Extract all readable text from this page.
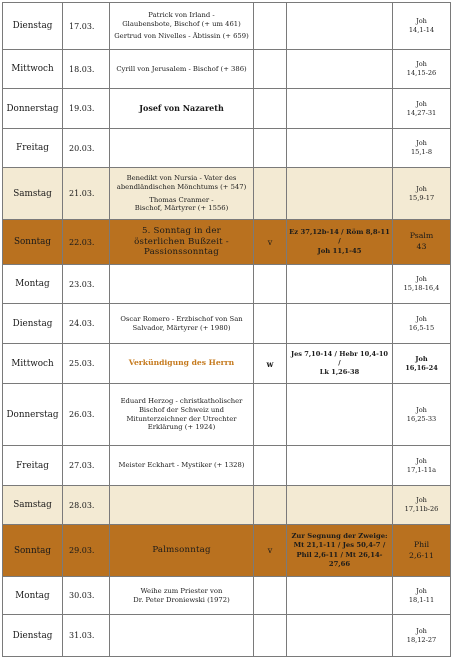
Dienstag	17.03.	Patrick von Irland -
Glaubensbote, Bischof (+ um 461)
Gertrud von Nivelles - Äbtissin (+ 659)			Joh
14,1-14

Mittwoch	18.03.	Cyrill von Jerusalem - Bischof (+ 386)			Joh
14,15-26

Donnerstag	19.03.	Josef von Nazareth			Joh
14,27-31

Freitag	20.03.				Joh
15,1-8

Samstag	21.03.	Benedikt von Nursia - Vater des
abendländischen Mönchtums (+ 547)
Thomas Cranmer -
Bischof, Märtyrer (+ 1556)			Joh
15,9-17

Sonntag	22.03.	5. Sonntag in der
österlichen Bußzeit -
Passionssonntag	v	Ez 37,12b-14 / Röm 8,8-11 /
Joh 11,1-45	Psalm
43

Montag	23.03.				Joh
15,18-16,4

Dienstag	24.03.	Oscar Romero - Erzbischof von San
Salvador, Märtyrer (+ 1980)			Joh
16,5-15

Mittwoch	25.03.	Verkündigung des Herrn	w	Jes 7,10-14 / Hebr 10,4-10 /
Lk 1,26-38	Joh
16,16-24

Donnerstag	26.03.	Eduard Herzog - christkatholischer
Bischof der Schweiz und
Mitunterzeichner der Utrechter
Erklärung (+ 1924)			Joh
16,25-33

Freitag	27.03.	Meister Eckhart - Mystiker (+ 1328)			Joh
17,1-11a

Samstag	28.03.				Joh
17,11b-26

Sonntag	29.03.	Palmsonntag	v	Zur Segnung der Zweige:
Mt 21,1-11 / Jes 50,4-7 /
Phil 2,6-11 / Mt 26,14-27,66	Phil
2,6-11

Montag	30.03.	Weihe zum Priester von
Dr. Peter Droniewski (1972)			Joh
18,1-11

Dienstag	31.03.				Joh
18,12-27
